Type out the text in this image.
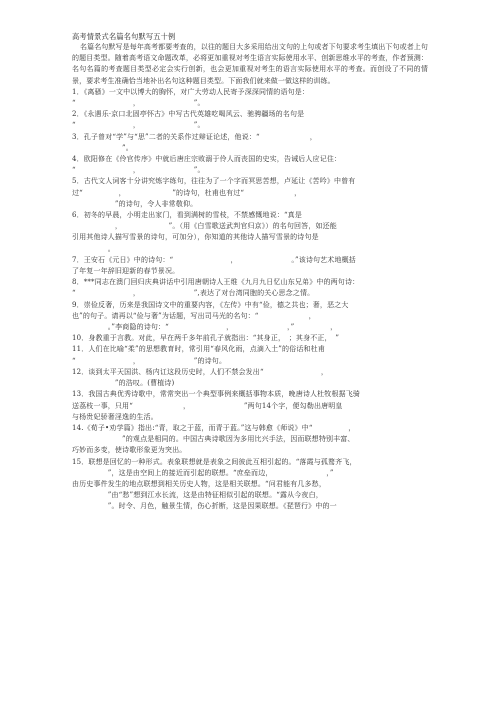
高考情景式名篇名句默写五十例
名篇名句默写是每年高考都要考查的，以往的题目大多采用给出文句的上句或者下句要求考生填出下句或者上句的题目类型。随着高考语文命题改革，必将更加重视对考生语言实际使用水平、创新思维水平的考查，作者预测：名句名篇的考查题目类型必定会实行创新，也会更加重视对考生的语言实际使用水平的考查。而创设了不同的情景，要求考生准确恰当地补出名句这种题目类型。下面我们就来做一做这样的训练。
1．《离骚》一文中以博大的胸怀，对广大劳动人民寄予深深同情的语句是：
“　　　　　　　　，　　　　　　　　”。
2．《永遇乐·京口北固亭怀古》中写古代英雄吃喝风云、驰骋疆场的名句是
“　　　　　　　　，　　　　　　　　”。
3．孔子曾对“学”与“思”二者的关系作过辩证论述，他说：“　　　　　　　，
　　　　　　　”。
4．欧阳修在《伶官传序》中就后唐庄宗败溺于伶人而丧国的史实，告诫后人应记住：
“　　　　　　　　，　　　　　　　　”。
5．古代文人词客十分讲究炼字练句，往往为了一个字而冥思苦想，卢延让《苦吟》中曾有
过“　　　　　，　　　　　　　”的诗句，杜甫也有过“　　　　　　　，
　　　　　　”的诗句，令人非常敬仰。
6．初冬的早晨，小明走出家门，看到满树的雪枝，不禁感慨地说：“真是
　　　　　　，　　　　　　　”。（用《白雪歌送武判官归京》）的名句回答，如还能
引用其他诗人描写雪景的诗句，可加分），你知道的其他诗人描写雪景的诗句是
　　　　　。
7．王安石《元日》中的诗句：“　　　　　　　　，　　　　　　　　。”该诗句艺术地概括
了年复一年辞旧迎新的春节景况。
8．***同志在澳门回归庆典讲话中引用唐朝诗人王维《九月九日忆山东兄弟》中的两句诗：
“　　　　　　　　，　　　　　　　　”,表达了对台湾同胞的关心思念之情。
9．崇俭反奢，历来是我国诗文中的重要内容，《左传》中有“俭，德之共也；奢，恶之大
也”的句子。请再以“俭与奢”为话题，写出司马光的名句：“　　　　　　　，
　　　　　。”李商隐的诗句：“　　　　　　　　，　　　　　　　　，”　　　　　，
10．身教重于言教。对此，早在两千多年前孔子就指出：“其身正，　；其身不正，　”
11．人们在比喻“柔”的思想教育时，常引用“春风化雨，点滴入土”的俗话和杜甫
“　　　　　　　　，　　　　　　　　”的诗句。
12．谈到太平天国洪、杨内讧这段历史时，人们不禁会发出“　　　　　　　　，
　　　　　　”的浩叹。(曹植诗)
13．我国古典优秀诗歌中，常常突出一个典型事例来概括事物本质，晚唐诗人杜牧根据飞骑
送荔枝一事，只用“　　　　　　　，　　　　　　　　”两句14个字，便勾勒出唐明皇
与杨贵妃骄奢淫逸的生活。
14.《荀子•劝学篇》指出:“青，取之于蓝，而青于蓝。”这与韩愈《师说》中“　　　　　，
　　　　　　　”的观点是相同的。中国古典诗歌因为多用比兴手法，因而联想特别丰富、
巧妙而多变，使诗歌形象更为突出。
15．联想是回忆的一种形式。表象联想就是表象之间彼此互相引起的。“落霞与孤鹜齐飞，
　　　　　”，这是由空间上的接近而引起的联想。“庶垒而边，　　　　　　　　，”
由历史事件发生的地点联想到相关历史人物，这是相关联想。“问君能有几多愁，
　　　　　”由“愁”想到江水长流，这是由特征相似引起的联想。“露从今夜白，
　　　　　”。时令、月色，触景生情，伤心折断，这是因果联想。《琵琶行》中的一
